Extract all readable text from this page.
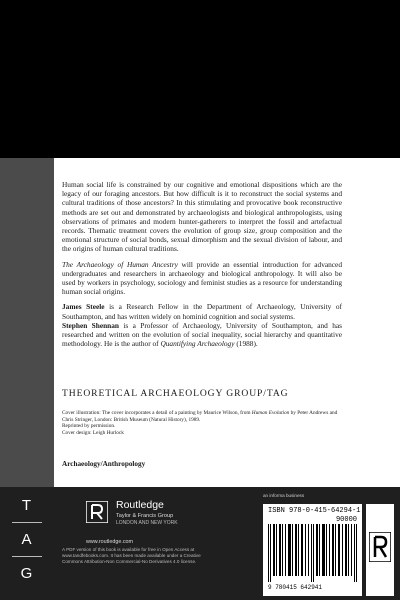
Human social life is constrained by our cognitive and emotional dispositions which are the legacy of our foraging ancestors. But how difficult is it to reconstruct the social systems and cultural traditions of those ancestors? In this stimulating and provocative book reconstructive methods are set out and demonstrated by archaeologists and biological anthropologists, using observations of primates and modern hunter-gatherers to interpret the fossil and artefactual records. Thematic treatment covers the evolution of group size, group composition and the emotional structure of social bonds, sexual dimorphism and the sexual division of labour, and the origins of human cultural traditions.

The Archaeology of Human Ancestry will provide an essential introduction for advanced undergraduates and researchers in archaeology and biological anthropology. It will also be used by workers in psychology, sociology and feminist studies as a resource for understanding human social origins.

James Steele is a Research Fellow in the Department of Archaeology, University of Southampton, and has written widely on hominid cognition and social systems.
Stephen Shennan is a Professor of Archaeology, University of Southampton, and has researched and written on the evolution of social inequality, social hierarchy and quantitative methodology. He is the author of Quantifying Archaeology (1988).

THEORETICAL ARCHAEOLOGY GROUP/TAG
Cover illustration: The cover incorporates a detail of a painting by Maurice Wilson, from Human Evolution by Peter Andrews and Chris Stringer, London: British Museum (Natural History), 1989.
Reprinted by permission.
Cover design: Leigh Hurlock
Archaeology/Anthropology
T
A
G
Routledge
Taylor & Francis Group
LONDON AND NEW YORK
www.routledge.com
A PDF version of this book is available for free in Open Access at www.tandfebooks.com. It has been made available under a Creative Commons Attribution-Non Commercial-No Derivatives 4.0 license.
an informa business
ISBN 978-0-415-64294-1
90000
9 780415 642941
